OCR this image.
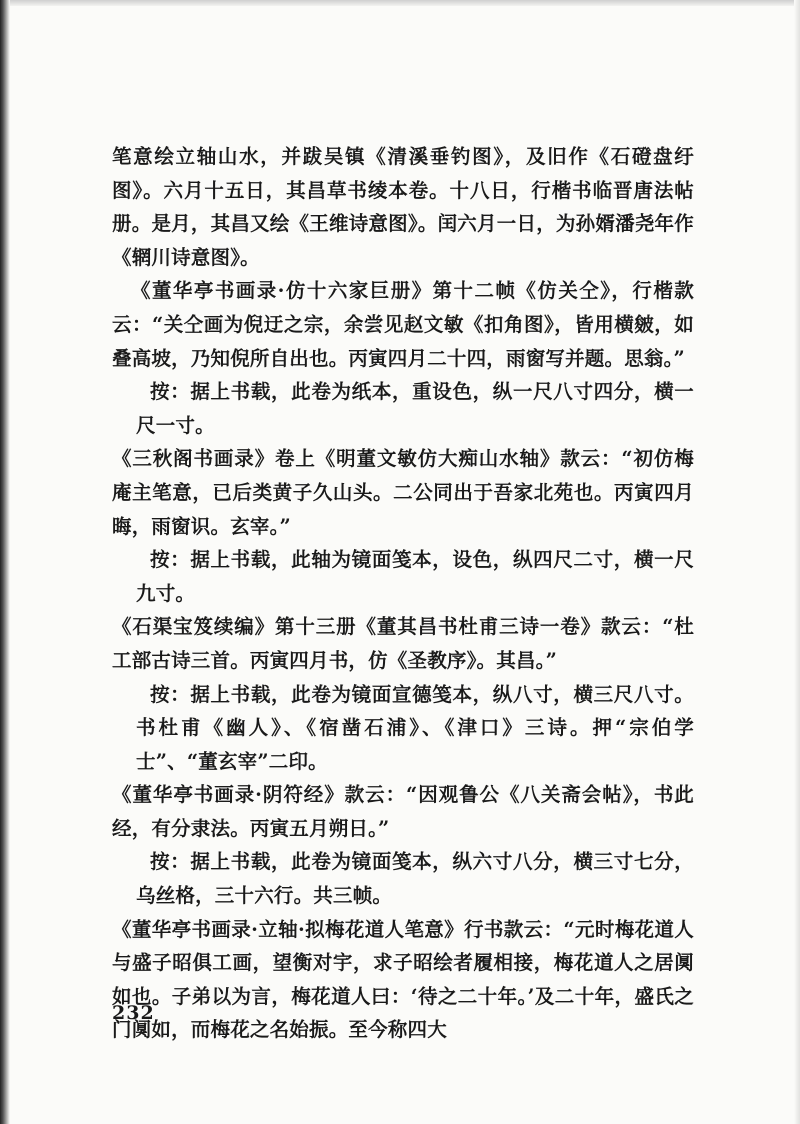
笔意绘立轴山水，并跋吴镇《清溪垂钓图》，及旧作《石磴盘纡图》。六月十五日，其昌草书绫本卷。十八日，行楷书临晋唐法帖册。是月，其昌又绘《王维诗意图》。闰六月一日，为孙婿潘尧年作《辋川诗意图》。

《董华亭书画录·仿十六家巨册》第十二帧《仿关仝》，行楷款云：“关仝画为倪迂之宗，余尝见赵文敏《扣角图》，皆用横皴，如叠高坡，乃知倪所自出也。丙寅四月二十四，雨窗写并题。思翁。”

按：据上书载，此卷为纸本，重设色，纵一尺八寸四分，横一尺一寸。

《三秋阁书画录》卷上《明董文敏仿大痴山水轴》款云：“初仿梅庵主笔意，已后类黄子久山头。二公同出于吾家北苑也。丙寅四月晦，雨窗识。玄宰。”

按：据上书载，此轴为镜面笺本，设色，纵四尺二寸，横一尺九寸。

《石渠宝笈续编》第十三册《董其昌书杜甫三诗一卷》款云：“杜工部古诗三首。丙寅四月书，仿《圣教序》。其昌。”

按：据上书载，此卷为镜面宣德笺本，纵八寸，横三尺八寸。书杜甫《幽人》、《宿凿石浦》、《津口》三诗。押“宗伯学士”、“董玄宰”二印。

《董华亭书画录·阴符经》款云：“因观鲁公《八关斋会帖》，书此经，有分隶法。丙寅五月朔日。”

按：据上书载，此卷为镜面笺本，纵六寸八分，横三寸七分，乌丝格，三十六行。共三帧。

《董华亭书画录·立轴·拟梅花道人笔意》行书款云：“元时梅花道人与盛子昭俱工画，望衡对宇，求子昭绘者履相接，梅花道人之居阒如也。子弟以为言，梅花道人曰：‘待之二十年。’及二十年，盛氏之门阒如，而梅花之名始振。至今称四大

232
